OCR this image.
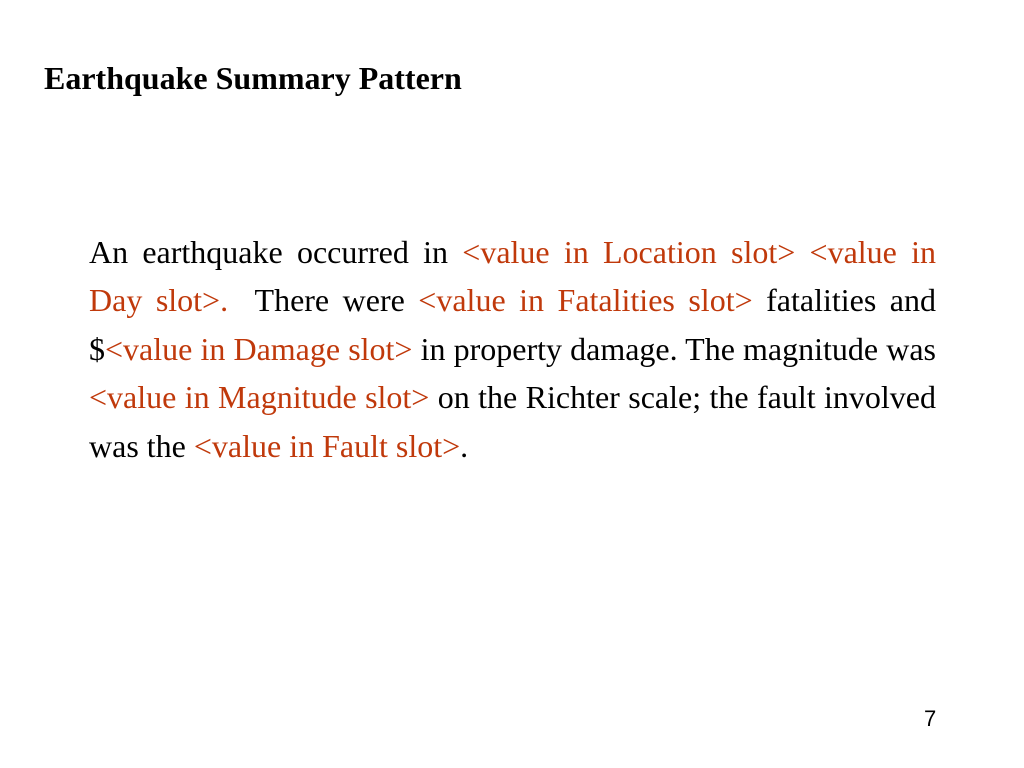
Earthquake Summary Pattern
An earthquake occurred in <value in Location slot> <value in Day slot>.  There were <value in Fatalities slot> fatalities and $<value in Damage slot> in property damage. The magnitude was <value in Magnitude slot> on the Richter scale; the fault involved was the <value in Fault slot>.
7
